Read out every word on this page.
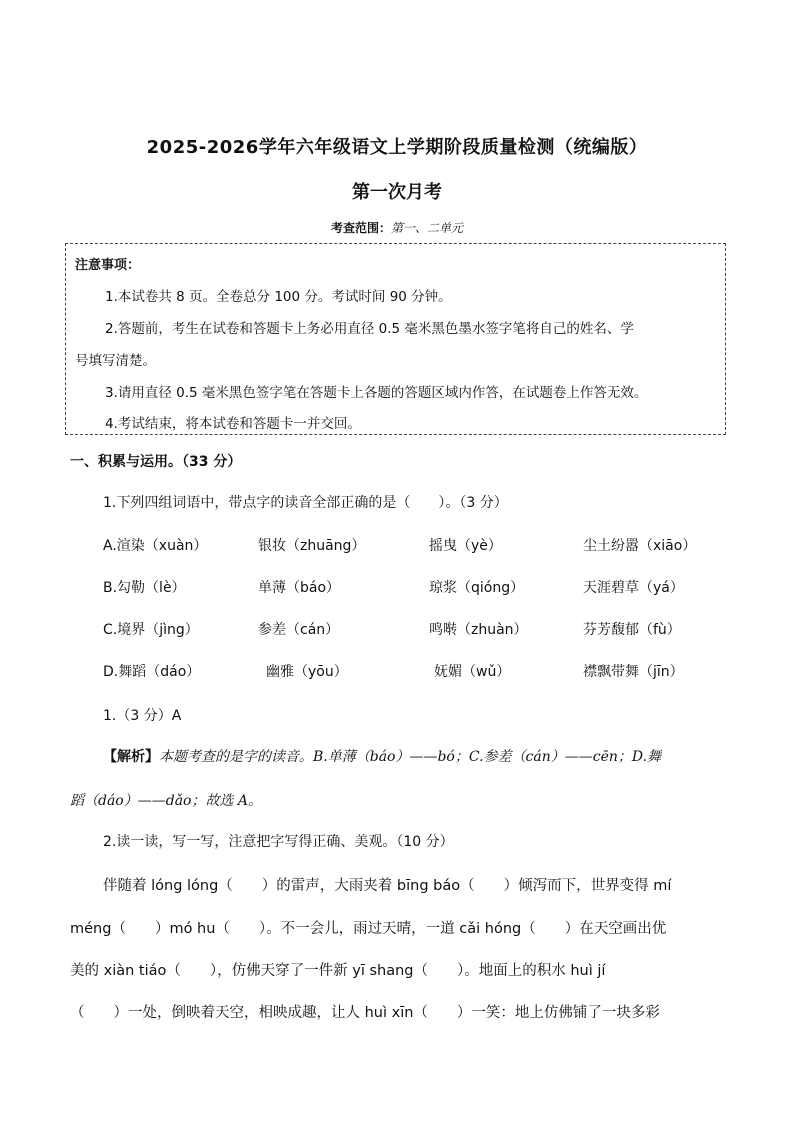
2025-2026学年六年级语文上学期阶段质量检测（统编版）
第一次月考
考查范围：第一、二单元
注意事项：
1.本试卷共 8 页。全卷总分 100 分。考试时间 90 分钟。
2.答题前，考生在试卷和答题卡上务必用直径 0.5 毫米黑色墨水签字笔将自己的姓名、学
号填写清楚。
3.请用直径 0.5 毫米黑色签字笔在答题卡上各题的答题区域内作答，在试题卷上作答无效。
4.考试结束，将本试卷和答题卡一并交回。
一、积累与运用。（33 分）
1.下列四组词语中，带点字的读音全部正确的是（　　）。（3 分）
A.渲染（xuàn）	银妆（zhuāng）	摇曳（yè）	尘土纷嚣（xiāo）
B.勾勒（lè）	单薄（báo）	琼浆（qióng）	天涯碧草（yá）
C.境界（jìng）	参差（cán）	鸣啭（zhuàn）	芬芳馥郁（fù）
D.舞蹈（dáo）	幽雅（yōu）	妩媚（wǔ）	襟飘带舞（jīn）
1.（3 分）A
【解析】本题考查的是字的读音。B.单薄（báo）——bó；C.参差（cán）——cēn；D.舞
蹈（dáo）——dǎo；故选 A。
2.读一读，写一写，注意把字写得正确、美观。（10 分）
伴随着 lóng lóng（　　）的雷声，大雨夹着 bīng báo（　　）倾泻而下，世界变得 mí
méng（　　）mó hu（　　）。不一会儿，雨过天晴，一道 cǎi hóng（　　）在天空画出优
美的 xiàn tiáo（　　），仿佛天穿了一件新 yī shang（　　）。地面上的积水 huì jí
（　　）一处，倒映着天空，相映成趣，让人 huì xīn（　　）一笑：地上仿佛铺了一块多彩
